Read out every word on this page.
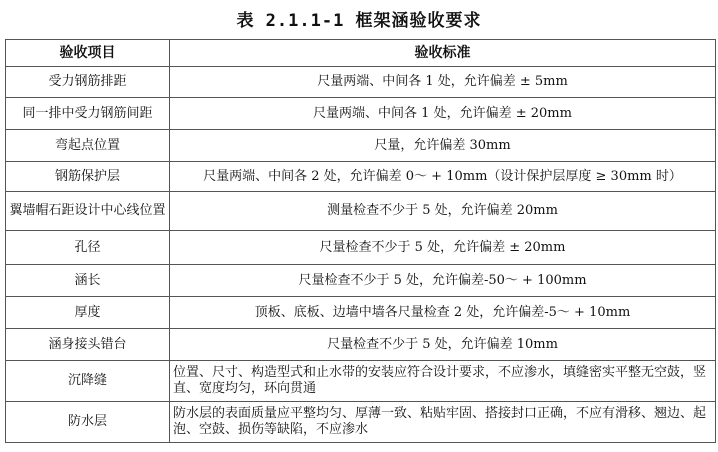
表 2.1.1-1 框架涵验收要求
验收项目	验收标准
受力钢筋排距	尺量两端、中间各 1 处，允许偏差 ± 5mm
同一排中受力钢筋间距	尺量两端、中间各 1 处，允许偏差 ± 20mm
弯起点位置	尺量，允许偏差 30mm
钢筋保护层	尺量两端、中间各 2 处，允许偏差 0～ + 10mm（设计保护层厚度 ≥ 30mm 时）
翼墙帽石距设计中心线位置	测量检查不少于 5 处，允许偏差 20mm
孔径	尺量检查不少于 5 处，允许偏差 ± 20mm
涵长	尺量检查不少于 5 处，允许偏差-50～ + 100mm
厚度	顶板、底板、边墙中墙各尺量检查 2 处，允许偏差-5～ + 10mm
涵身接头错台	尺量检查不少于 5 处，允许偏差 10mm
沉降缝	位置、尺寸、构造型式和止水带的安装应符合设计要求，不应渗水，填缝密实平整无空鼓，竖直、宽度均匀，环向贯通
防水层	防水层的表面质量应平整均匀、厚薄一致、粘贴牢固、搭接封口正确，不应有滑移、翘边、起泡、空鼓、损伤等缺陷，不应渗水
